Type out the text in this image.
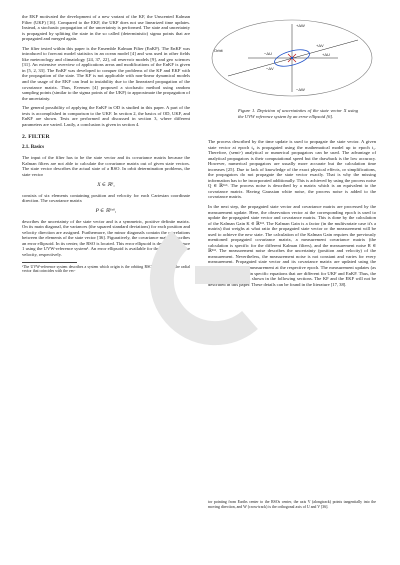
the EKF motivated the development of a new variant of the KF, the Unscented Kalman Filter (UKF) [16]. Compared to the EKF, the UKF does not use linearized time updates. Instead, a stochastic propagation of the uncertainty is performed. The state and uncertainty is propagated by splitting the state in the so called (deterministic) sigma points that are propagated and merged again.

The filter tested within this paper is the Ensemble Kalman Filter (EnKF). The EnKF was introduced to forecast model statistics in an ocean model [4] and was used in other fields like meteorology and climatology [24, 37, 22], oil reservoir models [9], and geo sciences [31]. An extensive overview of applications areas and modifications of the EnKF is given in [5, 2, 33]. The EnKF was developed to conquer the problems of the KF and EKF with the propagation of the state. The KF is not applicable with non-linear dynamical models and the usage of the EKF can lead to instability due to the linearized propagation of the covariance matrix. Thus, Evensen [4] proposed a stochastic method using random sampling points (similar to the sigma points of the UKF) to approximate the propagation of the uncertainty.

The general possibility of applying the EnKF in OD is studied in this paper. A part of the tests is accomplished in comparison to the UKF. In section 2, the basics of OD, UKF, and EnKF are shown. Tests are performed and discussed in section 3, where different parameters are varied. Lastly, a conclusion is given in section 4.

2. FILTER
2.1. Basics

The input of the filter has to be the state vector and its covariance matrix because the Kalman filters are not able to calculate the covariance matrix out of given state vectors. The state vector describes the actual state of a RSO. In orbit determination problems, the state vector

X ∈ ℝ⁶,

consists of six elements containing position and velocity for each Cartesian coordinate direction. The covariance matrix

P ∈ ℝ⁶ˣ⁶,

describes the uncertainty of the state vector and is a symmetric, positive definite matrix. On its main diagonal, the variances (the squared standard deviations) for each position and velocity direction are assigned. Furthermore, the minor diagonals contain the correlations between the elements of the state vector [36]. Figuratively, the covariance matrix describes an error ellipsoid. In its center, the RSO is located. This error ellipsoid is depicted in Figure 1 using the UVW-reference system¹. An error ellipsoid is available for the position and the velocity, respectively.

¹The UVW-reference system describes a system which origin is the orbiting RSO. Its axis U is the radial vector that coincides with the vec-

+ΔW
+ΔV
−ΔU	+ΔU
Orbit
−ΔV
−ΔW

Figure 1. Depiction of uncertainties of the state vector X using the UVW reference system by an error ellipsoid [6].

The process described by the time update is used to propagate the state vector. A given state vector at epoch t₀ is propagated using the mathematical model up to epoch t₁. Therefore, (semi-) analytical or numerical propagators can be used. The advantage of analytical propagators is their computational speed but the drawback is the low accuracy. However, numerical propagators are usually more accurate but the calculation time increases [25]. Due to lack of knowledge of the exact physical effects, or simplifications, the propagators do not propagate the state vector exactly. That is why the missing information has to be incorporated additionally. This is achieved by using the process noise Q ∈ ℝ⁶ˣ⁶. The process noise is described by a matrix which is an equivalent to the covariance matrix. Having Gaussian white noise, the process noise is added to the covariance matrix.

In the next step, the propagated state vector and covariance matrix are processed by the measurement update. Here, the observation vector at the corresponding epoch is used to update the propagated state vector and covariance matrix. This is done by the calculation of the Kalman Gain K ∈ ℝ⁶ˣ³. The Kalman Gain is a factor (in the multivariate case it's a matrix) that weighs at what ratio the propagated state vector or the measurement will be used to achieve the new state. The calculation of the Kalman Gain requires the previously mentioned propagated covariance matrix, a measurement covariance matrix (the calculation is specific for the different Kalman filters), and the measurement noise R ∈ ℝ³ˣ³. The measurement noise describes the uncertainty (position and velocity) of the measurement. Nevertheless, the measurement noise is not constant and varies for every measurement. Propagated state vector and its covariance matrix are updated using the Kalman Gain and the measurement at the respective epoch. The measurement updates (as the time update) contain specific equations that are different for UKF and EnKF. Thus, the detailed formulation is shown in the following sections. The KF and the EKF will not be described in this paper. These details can be found in the literature [17, 38].

tor pointing from Earths center to the RSOs center, the axis V (alongtrack) points tangentially into the moving direction, and W (cross-track) is the orthogonal axis of U and V [36].
